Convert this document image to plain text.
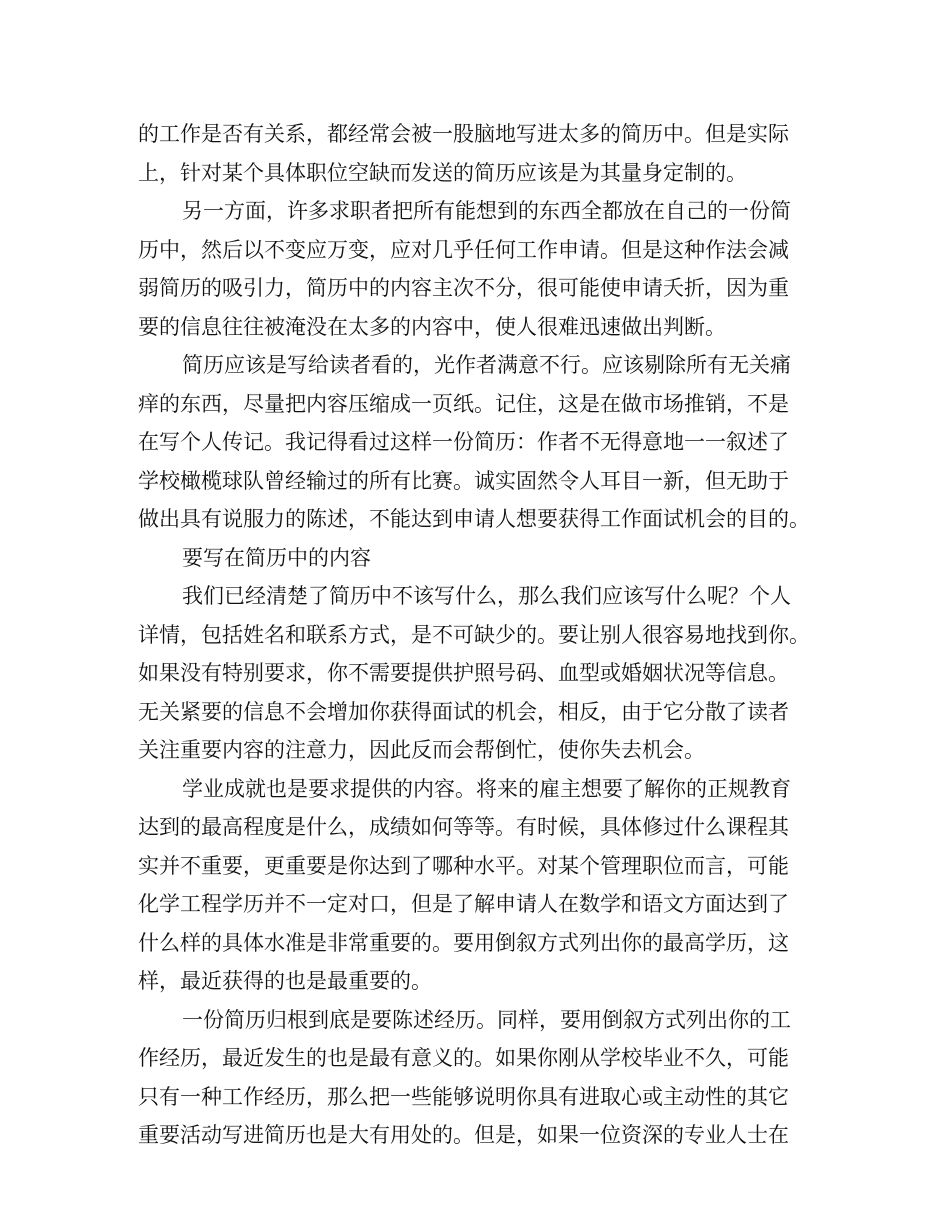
的工作是否有关系，都经常会被一股脑地写进太多的简历中。但是实际
上，针对某个具体职位空缺而发送的简历应该是为其量身定制的。
另一方面，许多求职者把所有能想到的东西全都放在自己的一份简
历中，然后以不变应万变，应对几乎任何工作申请。但是这种作法会减
弱简历的吸引力，简历中的内容主次不分，很可能使申请夭折，因为重
要的信息往往被淹没在太多的内容中，使人很难迅速做出判断。
简历应该是写给读者看的，光作者满意不行。应该剔除所有无关痛
痒的东西，尽量把内容压缩成一页纸。记住，这是在做市场推销，不是
在写个人传记。我记得看过这样一份简历：作者不无得意地一一叙述了
学校橄榄球队曾经输过的所有比赛。诚实固然令人耳目一新，但无助于
做出具有说服力的陈述，不能达到申请人想要获得工作面试机会的目的。
要写在简历中的内容
我们已经清楚了简历中不该写什么，那么我们应该写什么呢？个人
详情，包括姓名和联系方式，是不可缺少的。要让别人很容易地找到你。
如果没有特别要求，你不需要提供护照号码、血型或婚姻状况等信息。
无关紧要的信息不会增加你获得面试的机会，相反，由于它分散了读者
关注重要内容的注意力，因此反而会帮倒忙，使你失去机会。
学业成就也是要求提供的内容。将来的雇主想要了解你的正规教育
达到的最高程度是什么，成绩如何等等。有时候，具体修过什么课程其
实并不重要，更重要是你达到了哪种水平。对某个管理职位而言，可能
化学工程学历并不一定对口，但是了解申请人在数学和语文方面达到了
什么样的具体水准是非常重要的。要用倒叙方式列出你的最高学历，这
样，最近获得的也是最重要的。
一份简历归根到底是要陈述经历。同样，要用倒叙方式列出你的工
作经历，最近发生的也是最有意义的。如果你刚从学校毕业不久，可能
只有一种工作经历，那么把一些能够说明你具有进取心或主动性的其它
重要活动写进简历也是大有用处的。但是，如果一位资深的专业人士在
